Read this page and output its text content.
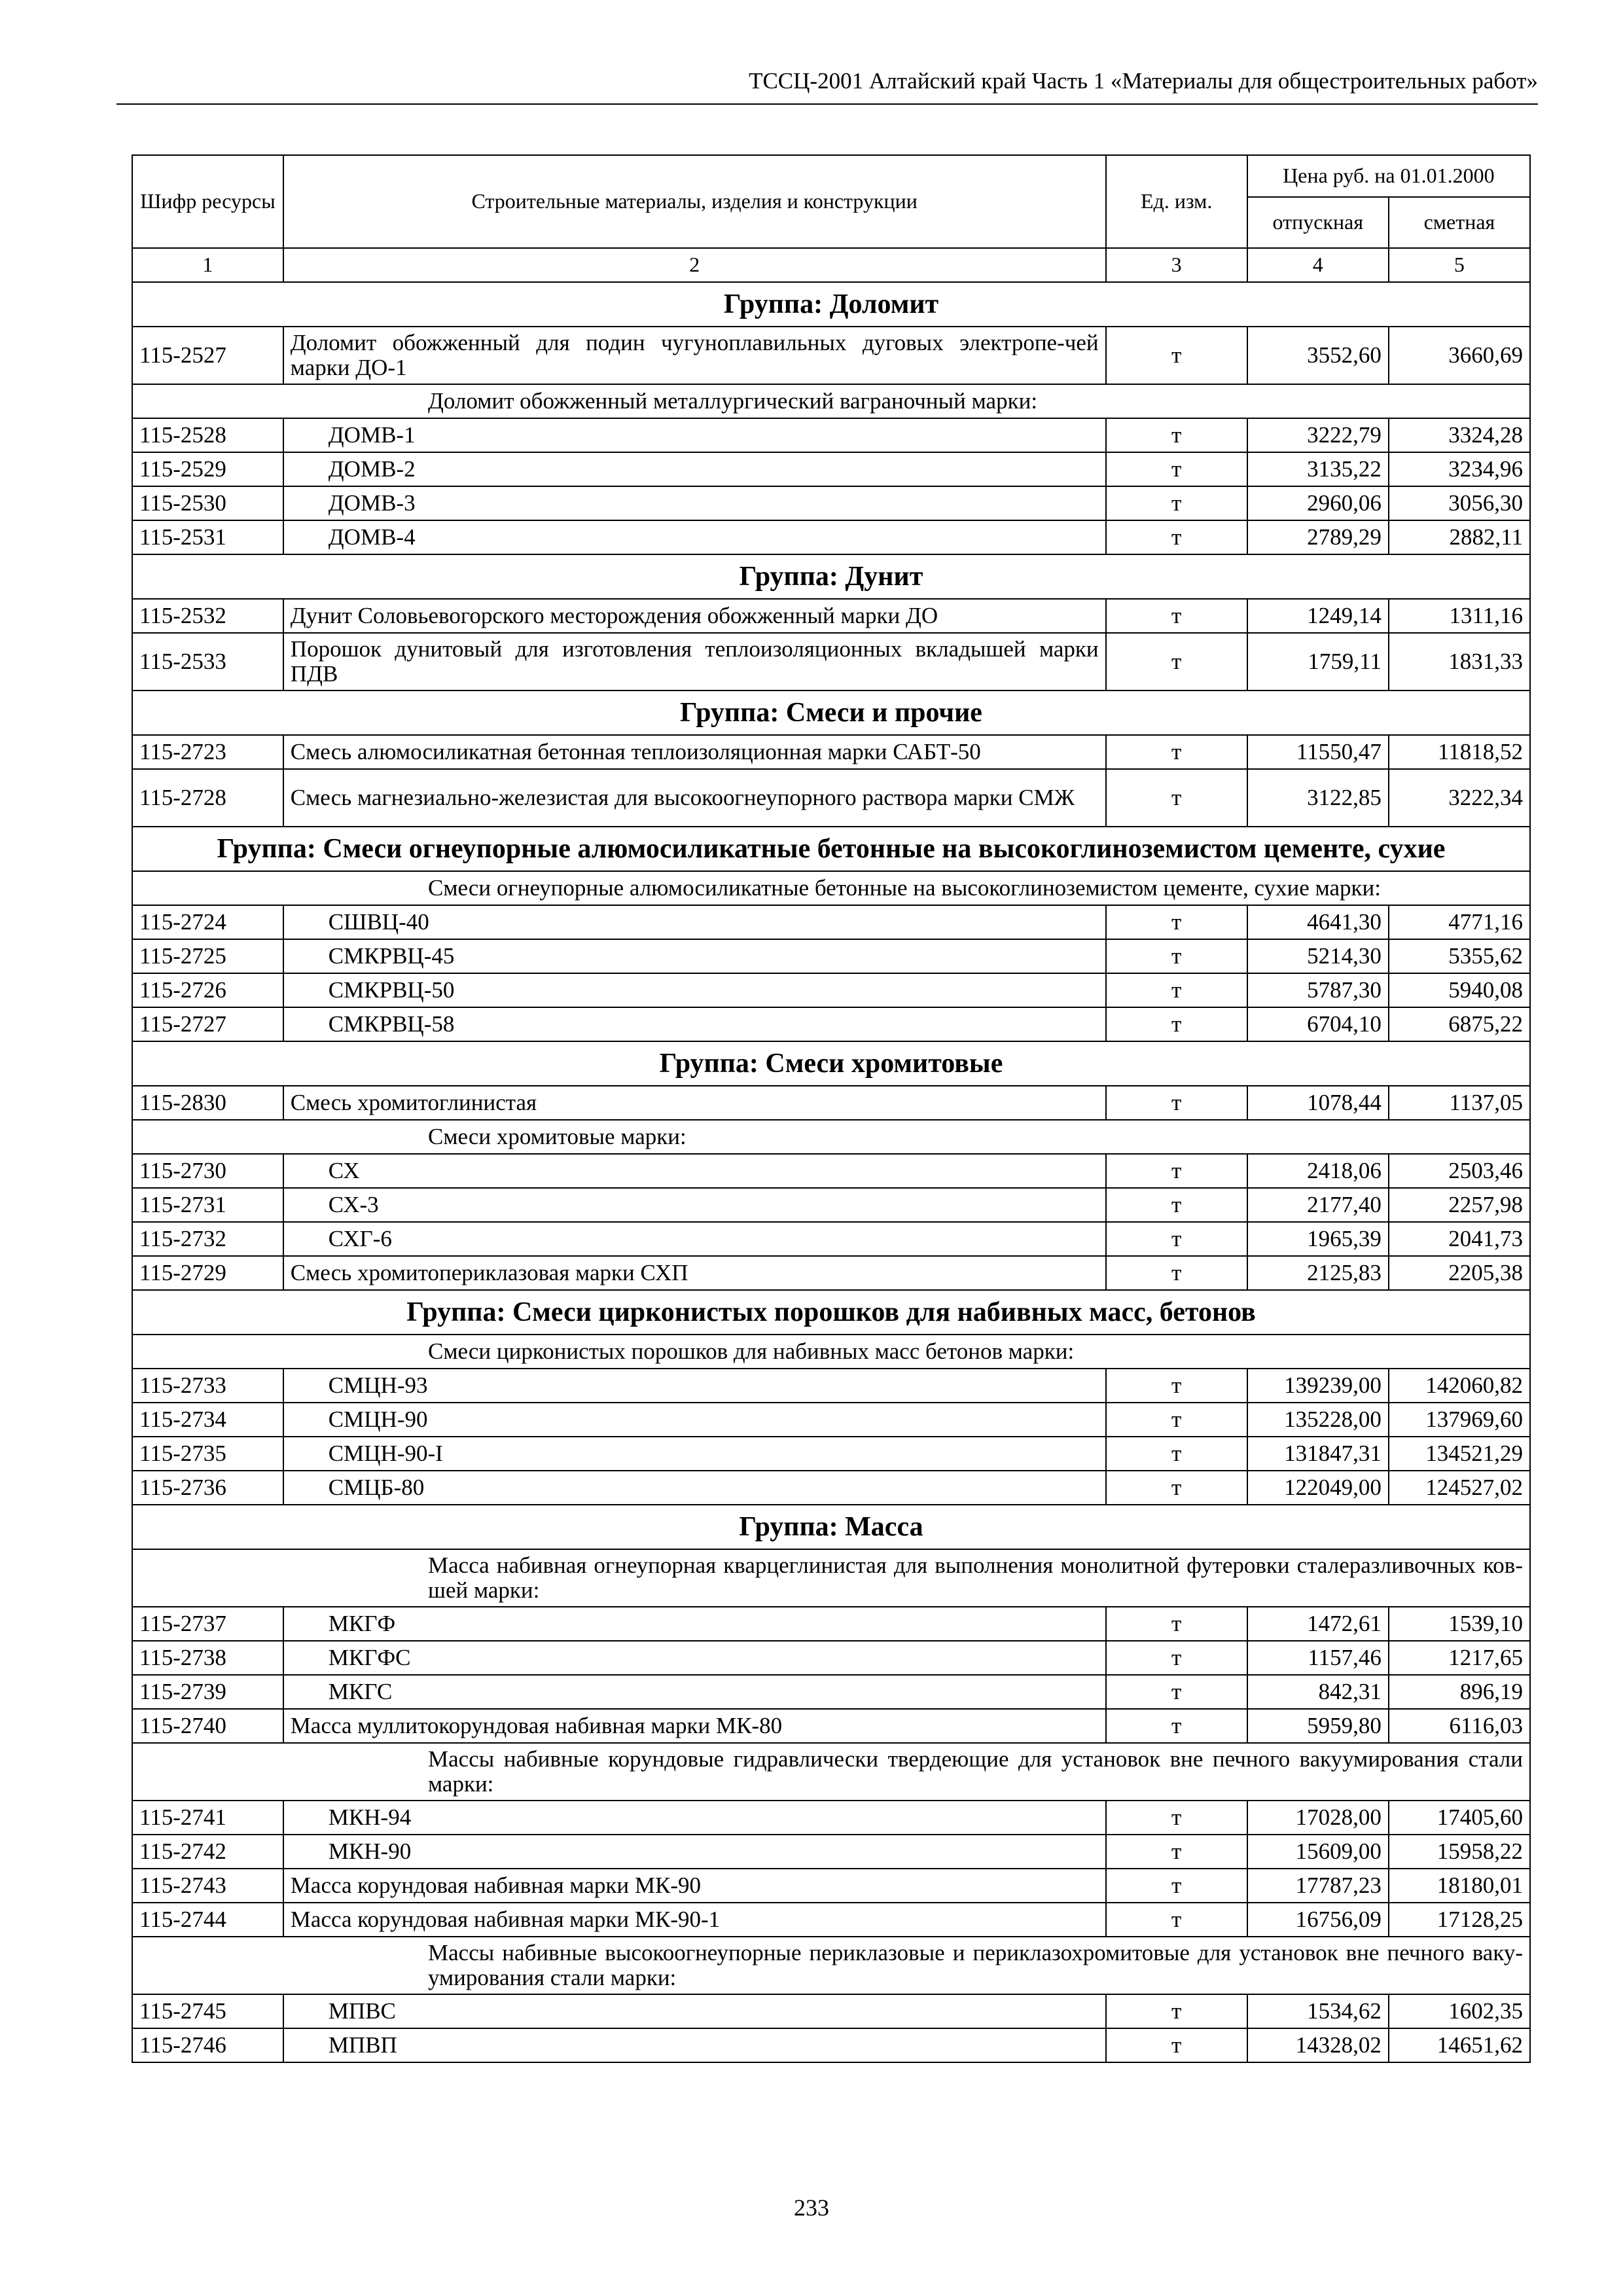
ТССЦ-2001 Алтайский край Часть 1 «Материалы для общестроительных работ»
Шифр ресурсы	Строительные материалы, изделия и конструкции	Ед. изм.	Цена руб. на 01.01.2000	
			отпускная	сметная
1	2	3	4	5
Группа: Доломит				
115-2527	Доломит обожженный для подин чугуноплавильных дуговых электропе-чей марки ДО-1	т	3552,60	3660,69
Доломит обожженный металлургический ваграночный марки:				
115-2528	ДОМВ-1	т	3222,79	3324,28
115-2529	ДОМВ-2	т	3135,22	3234,96
115-2530	ДОМВ-3	т	2960,06	3056,30
115-2531	ДОМВ-4	т	2789,29	2882,11
Группа: Дунит				
115-2532	Дунит Соловьевогорского месторождения обожженный марки ДО	т	1249,14	1311,16
115-2533	Порошок дунитовый для изготовления теплоизоляционных вкладышей марки ПДВ	т	1759,11	1831,33
Группа: Смеси и прочие				
115-2723	Смесь алюмосиликатная бетонная теплоизоляционная марки САБТ-50	т	11550,47	11818,52
115-2728	Смесь магнезиально-железистая для высокоогнеупорного раствора марки СМЖ	т	3122,85	3222,34
Группа: Смеси огнеупорные алюмосиликатные бетонные на высокоглиноземистом цементе, сухие				
Смеси огнеупорные алюмосиликатные бетонные на высокоглиноземистом цементе, сухие марки:				
115-2724	СШВЦ-40	т	4641,30	4771,16
115-2725	СМКРВЦ-45	т	5214,30	5355,62
115-2726	СМКРВЦ-50	т	5787,30	5940,08
115-2727	СМКРВЦ-58	т	6704,10	6875,22
Группа: Смеси хромитовые				
115-2830	Смесь хромитоглинистая	т	1078,44	1137,05
Смеси хромитовые марки:				
115-2730	СХ	т	2418,06	2503,46
115-2731	СХ-3	т	2177,40	2257,98
115-2732	СХГ-6	т	1965,39	2041,73
115-2729	Смесь хромитопериклазовая марки СХП	т	2125,83	2205,38
Группа: Смеси цирконистых порошков для набивных масс, бетонов				
Смеси цирконистых порошков для набивных масс бетонов марки:				
115-2733	СМЦН-93	т	139239,00	142060,82
115-2734	СМЦН-90	т	135228,00	137969,60
115-2735	СМЦН-90-I	т	131847,31	134521,29
115-2736	СМЦБ-80	т	122049,00	124527,02
Группа: Масса				
Масса набивная огнеупорная кварцеглинистая для выполнения монолитной футеровки сталеразливочных ков-шей марки:				
115-2737	МКГФ	т	1472,61	1539,10
115-2738	МКГФС	т	1157,46	1217,65
115-2739	МКГС	т	842,31	896,19
115-2740	Масса муллитокорундовая набивная марки МК-80	т	5959,80	6116,03
Массы набивные корундовые гидравлически твердеющие для установок вне печного вакуумирования стали марки:				
115-2741	МКН-94	т	17028,00	17405,60
115-2742	МКН-90	т	15609,00	15958,22
115-2743	Масса корундовая набивная марки МК-90	т	17787,23	18180,01
115-2744	Масса корундовая набивная марки МК-90-1	т	16756,09	17128,25
Массы набивные высокоогнеупорные периклазовые и периклазохромитовые для установок вне печного ваку-умирования стали марки:				
115-2745	МПВС	т	1534,62	1602,35
115-2746	МПВП	т	14328,02	14651,62
233
